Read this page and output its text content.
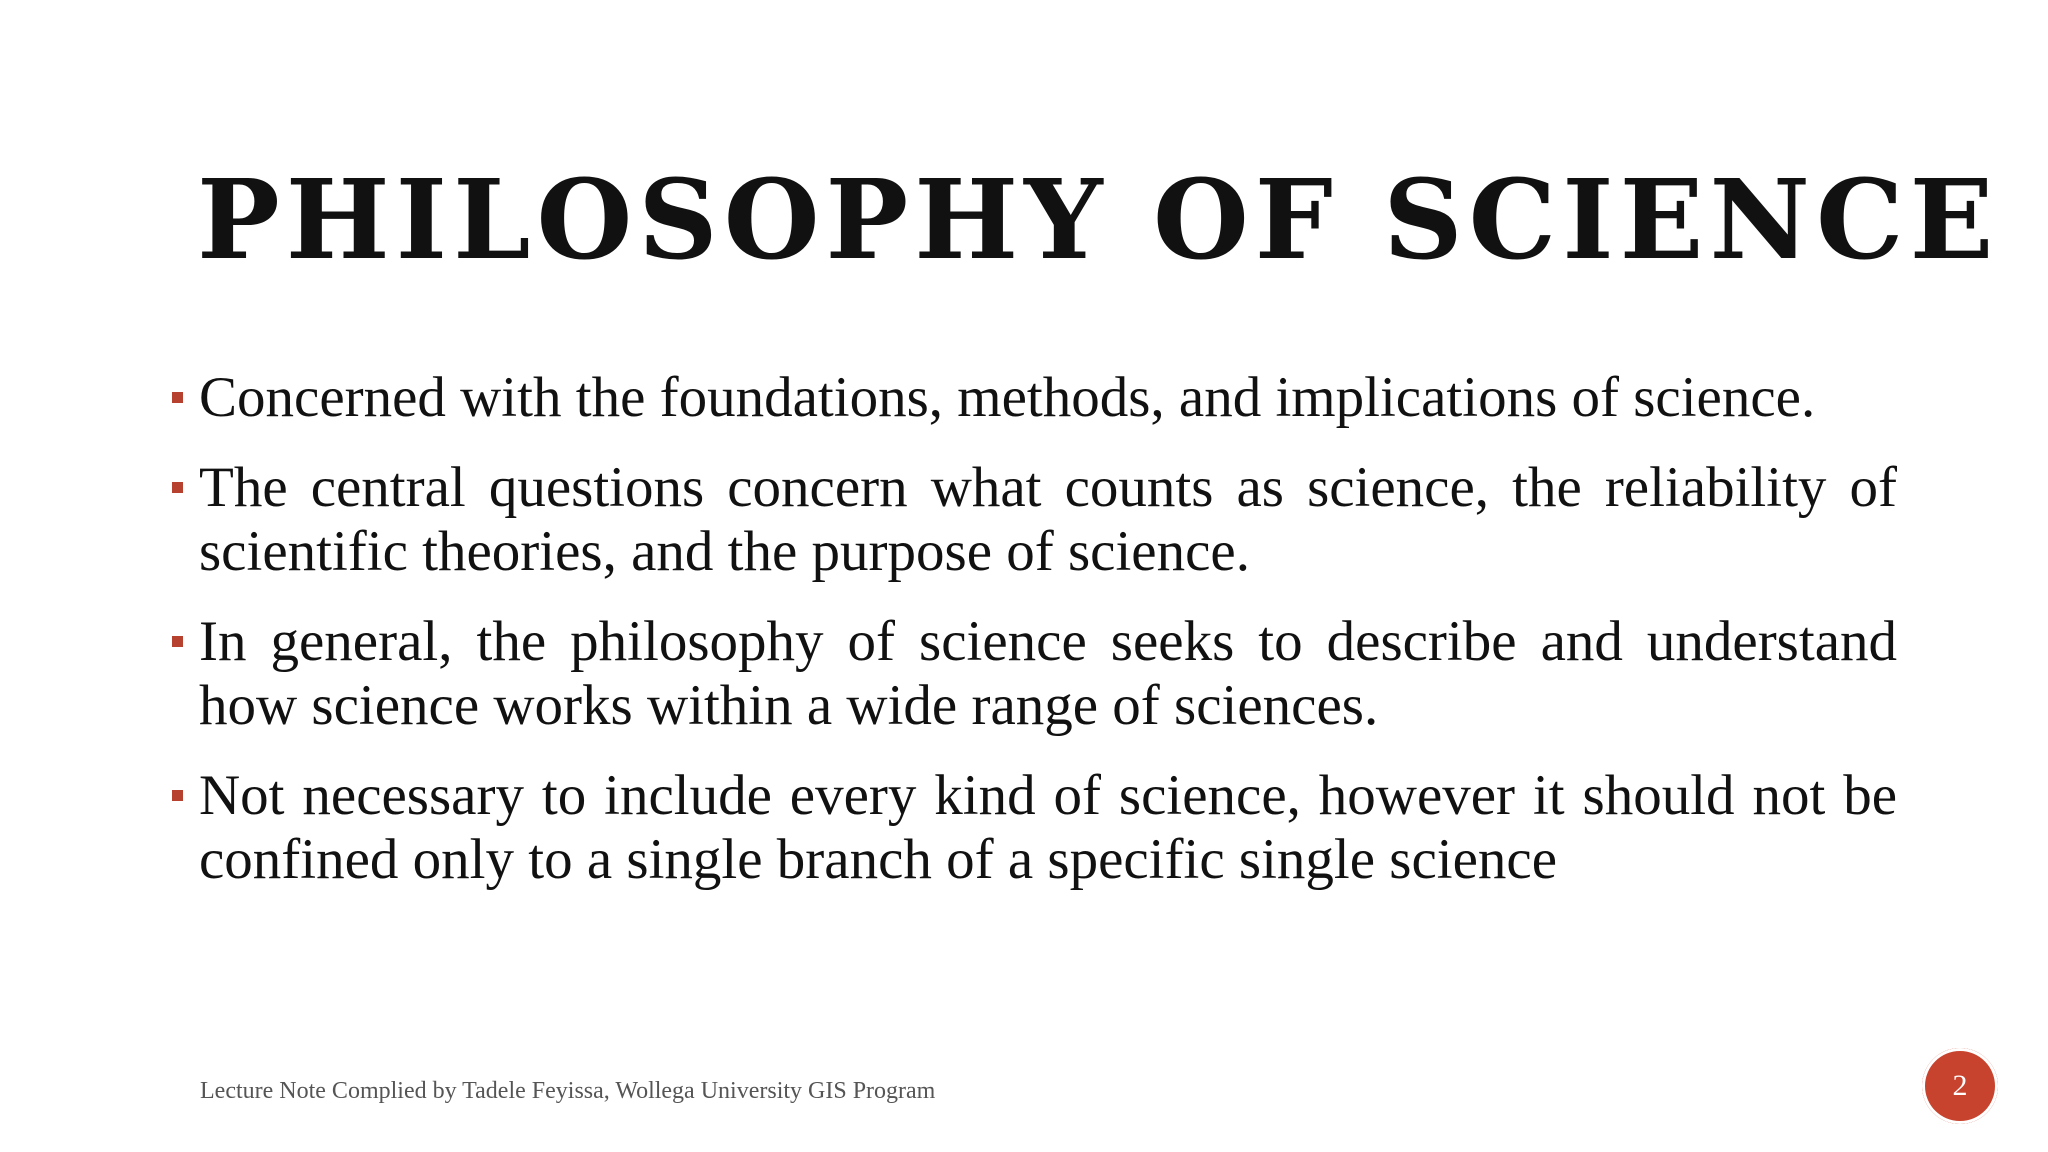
PHILOSOPHY OF SCIENCE
Concerned with the foundations, methods, and implications of science.
The central questions concern what counts as science, the reliability of scientific theories, and the purpose of science.
In general, the philosophy of science seeks to describe and understand how science works within a wide range of sciences.
Not necessary to include every kind of science, however it should not be confined only to a single branch of a specific single science
Lecture Note Complied by Tadele Feyissa, Wollega University GIS Program	2
